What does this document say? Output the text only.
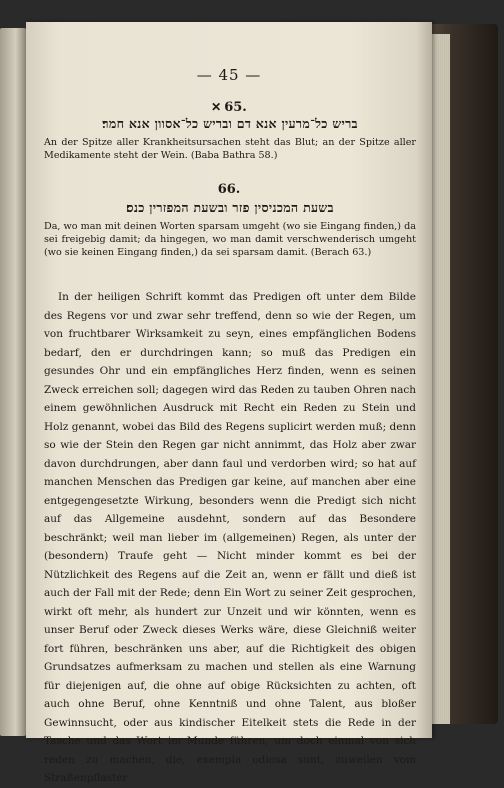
— 45 —
✕ 65.
בריש כל־מרעין אנא דם ובריש כל־אסוון אנא חמר׃

An der Spitze aller Krankheitsursachen steht das Blut; an der Spitze aller Medikamente steht der Wein. (Baba Bathra 58.)

66.
בשעת המכניסין פזר ובשעת המפזרין כנס׃

Da, wo man mit deinen Worten sparsam umgeht (wo sie Eingang finden,) da sei freigebig damit; da hingegen, wo man damit verschwenderisch umgeht (wo sie keinen Eingang finden,) da sei sparsam damit. (Berach 63.)

In der heiligen Schrift kommt das Predigen oft unter dem Bilde des Regens vor und zwar sehr treffend, denn so wie der Regen, um von fruchtbarer Wirksamkeit zu seyn, eines empfänglichen Bodens bedarf, den er durchdringen kann; so muß das Predigen ein gesundes Ohr und ein empfängliches Herz finden, wenn es seinen Zweck erreichen soll; dagegen wird das Reden zu tauben Ohren nach einem gewöhnlichen Ausdruck mit Recht ein Reden zu Stein und Holz genannt, wobei das Bild des Regens suplicirt werden muß; denn so wie der Stein den Regen gar nicht annimmt, das Holz aber zwar davon durchdrungen, aber dann faul und verdorben wird; so hat auf manchen Menschen das Predigen gar keine, auf manchen aber eine entgegengesetzte Wirkung, besonders wenn die Predigt sich nicht auf das Allgemeine ausdehnt, sondern auf das Besondere beschränkt; weil man lieber im (allgemeinen) Regen, als unter der (besondern) Traufe geht — Nicht minder kommt es bei der Nützlichkeit des Regens auf die Zeit an, wenn er fällt und dieß ist auch der Fall mit der Rede; denn Ein Wort zu seiner Zeit gesprochen, wirkt oft mehr, als hundert zur Unzeit und wir könnten, wenn es unser Beruf oder Zweck dieses Werks wäre, diese Gleichniß weiter fort führen, beschränken uns aber, auf die Richtigkeit des obigen Grundsatzes aufmerksam zu machen und stellen als eine Warnung für diejenigen auf, die ohne auf obige Rücksichten zu achten, oft auch ohne Beruf, ohne Kenntniß und ohne Talent, aus bloßer Gewinnsucht, oder aus kindischer Eitelkeit stets die Rede in der Tasche und das Wort im Munde führen, um doch einmal von sich reden zu machen, die, exempla odiosa sunt, zuweilen vom Straßenpflaster
